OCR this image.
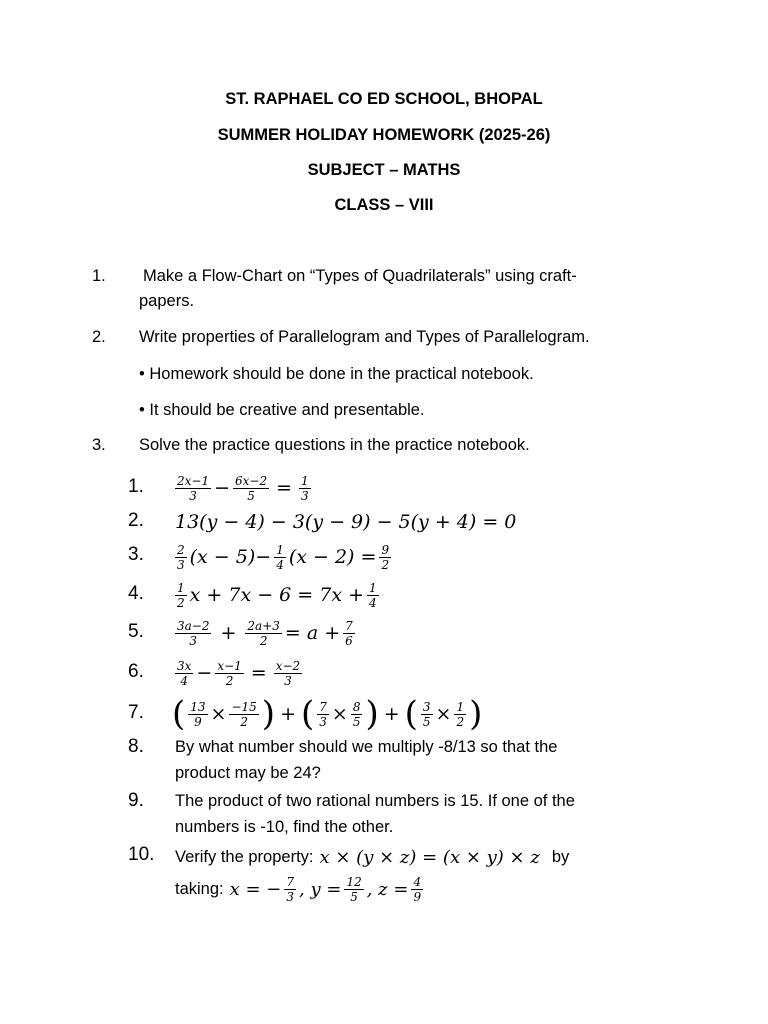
ST. RAPHAEL CO ED SCHOOL, BHOPAL
SUMMER HOLIDAY HOMEWORK (2025-26)
SUBJECT – MATHS
CLASS – VIII
1. Make a Flow-Chart on “Types of Quadrilaterals” using craft-
papers.
2. Write properties of Parallelogram and Types of Parallelogram.
• Homework should be done in the practical notebook.
• It should be creative and presentable.
3. Solve the practice questions in the practice notebook.
1.
2.
3.
4.
5.
6.
7.
8.
9.
10.
$\frac{2x-1}{3} - \frac{6x-2}{5} = \frac{1}{3}$
13(y − 4) − 3(y − 9) − 5(y + 4) = 0
$\frac{2}{3} (x - 5)- \frac{1}{4} (x - 2) = \frac{9}{2}$
$\frac{1}{2}$ $x + 7x - 6 = 7x + \frac{1}{4}$
$\frac{3a-2}{3} + \frac{2a+3}{2} = a + \frac{7}{6}$
$\frac{3x}{4} - \frac{x-1}{2} = \frac{x-2}{3}$
( $\frac{13}{9} \times \frac{-15}{2}$ ) + ( $\frac{7}{3} \times \frac{8}{5}$ ) + ( $\frac{3}{5} \times \frac{1}{2}$ )
By what number should we multiply -8/13 so that the
product may be 24?
The product of two rational numbers is 15. If one of the
numbers is -10, find the other.
Verify the property: x × (y × z) = (x × y) × z by
taking: x = − $\frac{7}{3}$ , $y = \frac{12}{5}$ , $z = \frac{4}{9}$
